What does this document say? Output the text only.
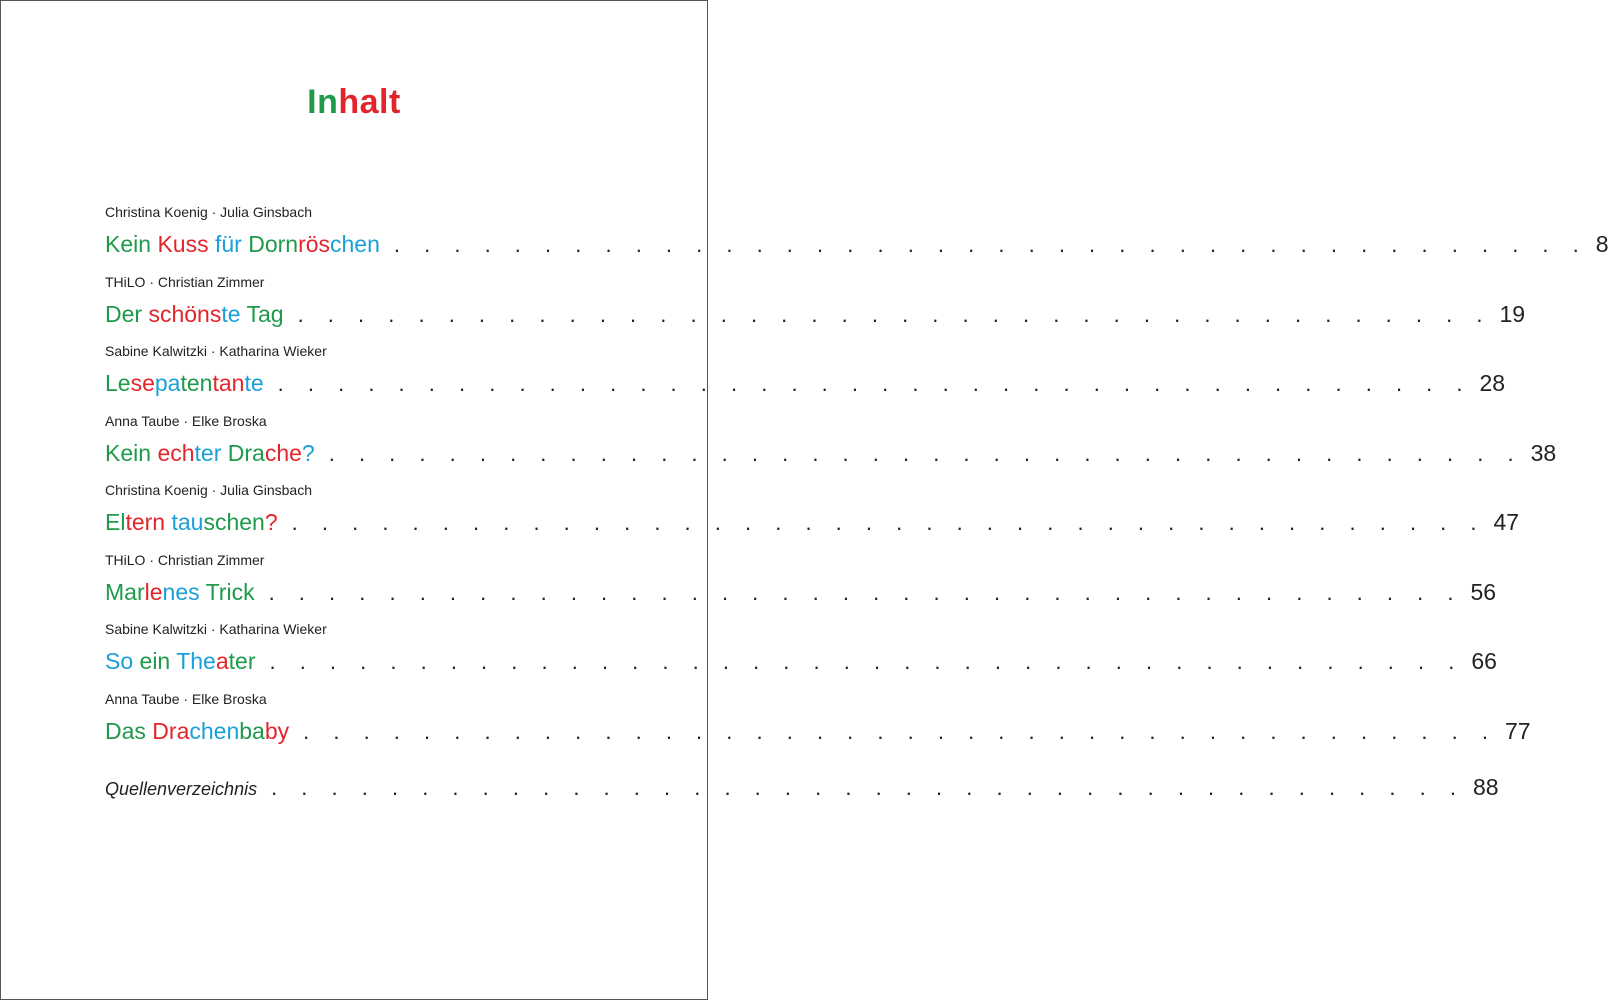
Inhalt
Christina Koenig · Julia Ginsbach
Kein Kuss für Dornröschen . . . . . . . . . . . . . . . . . . . . . . . . . . . . . . . . . . . . . . . . 8
THiLO · Christian Zimmer
Der schönste Tag . . . . . . . . . . . . . . . . . . . . . . . . . . . . . . . . . . . . . . . . 19
Sabine Kalwitzki · Katharina Wieker
Lesepatentante . . . . . . . . . . . . . . . . . . . . . . . . . . . . . . . . . . . . . . . . 28
Anna Taube · Elke Broska
Kein echter Drache? . . . . . . . . . . . . . . . . . . . . . . . . . . . . . . . . . . . . . . . . 38
Christina Koenig · Julia Ginsbach
Eltern tauschen? . . . . . . . . . . . . . . . . . . . . . . . . . . . . . . . . . . . . . . . . 47
THiLO · Christian Zimmer
Marlenes Trick . . . . . . . . . . . . . . . . . . . . . . . . . . . . . . . . . . . . . . . . 56
Sabine Kalwitzki · Katharina Wieker
So ein Theater . . . . . . . . . . . . . . . . . . . . . . . . . . . . . . . . . . . . . . . . 66
Anna Taube · Elke Broska
Das Drachenbaby . . . . . . . . . . . . . . . . . . . . . . . . . . . . . . . . . . . . . . . . 77
Quellenverzeichnis . . . . . . . . . . . . . . . . . . . . . . . . . . . . . . . . . . . . . . . . 88
